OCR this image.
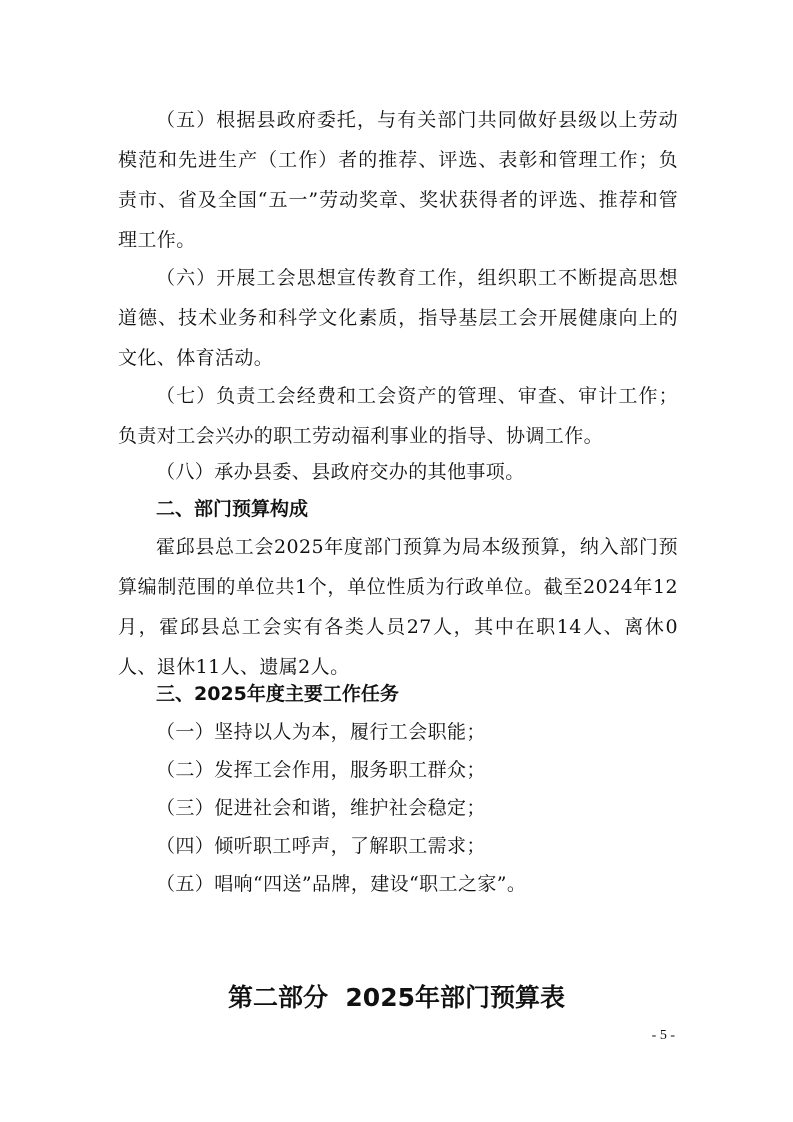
（五）根据县政府委托，与有关部门共同做好县级以上劳动模范和先进生产（工作）者的推荐、评选、表彰和管理工作；负责市、省及全国“五一”劳动奖章、奖状获得者的评选、推荐和管理工作。

（六）开展工会思想宣传教育工作，组织职工不断提高思想道德、技术业务和科学文化素质，指导基层工会开展健康向上的文化、体育活动。

（七）负责工会经费和工会资产的管理、审查、审计工作；负责对工会兴办的职工劳动福利事业的指导、协调工作。

（八）承办县委、县政府交办的其他事项。

二、部门预算构成

霍邱县总工会2025年度部门预算为局本级预算，纳入部门预算编制范围的单位共1个，单位性质为行政单位。截至2024年12月，霍邱县总工会实有各类人员27人，其中在职14人、离休0人、退休11人、遗属2人。

三、2025年度主要工作任务

（一）坚持以人为本，履行工会职能；

（二）发挥工会作用，服务职工群众；

（三）促进社会和谐，维护社会稳定；

（四）倾听职工呼声，了解职工需求；

（五）唱响“四送”品牌，建设“职工之家”。

第二部分  2025年部门预算表
- 5 -
